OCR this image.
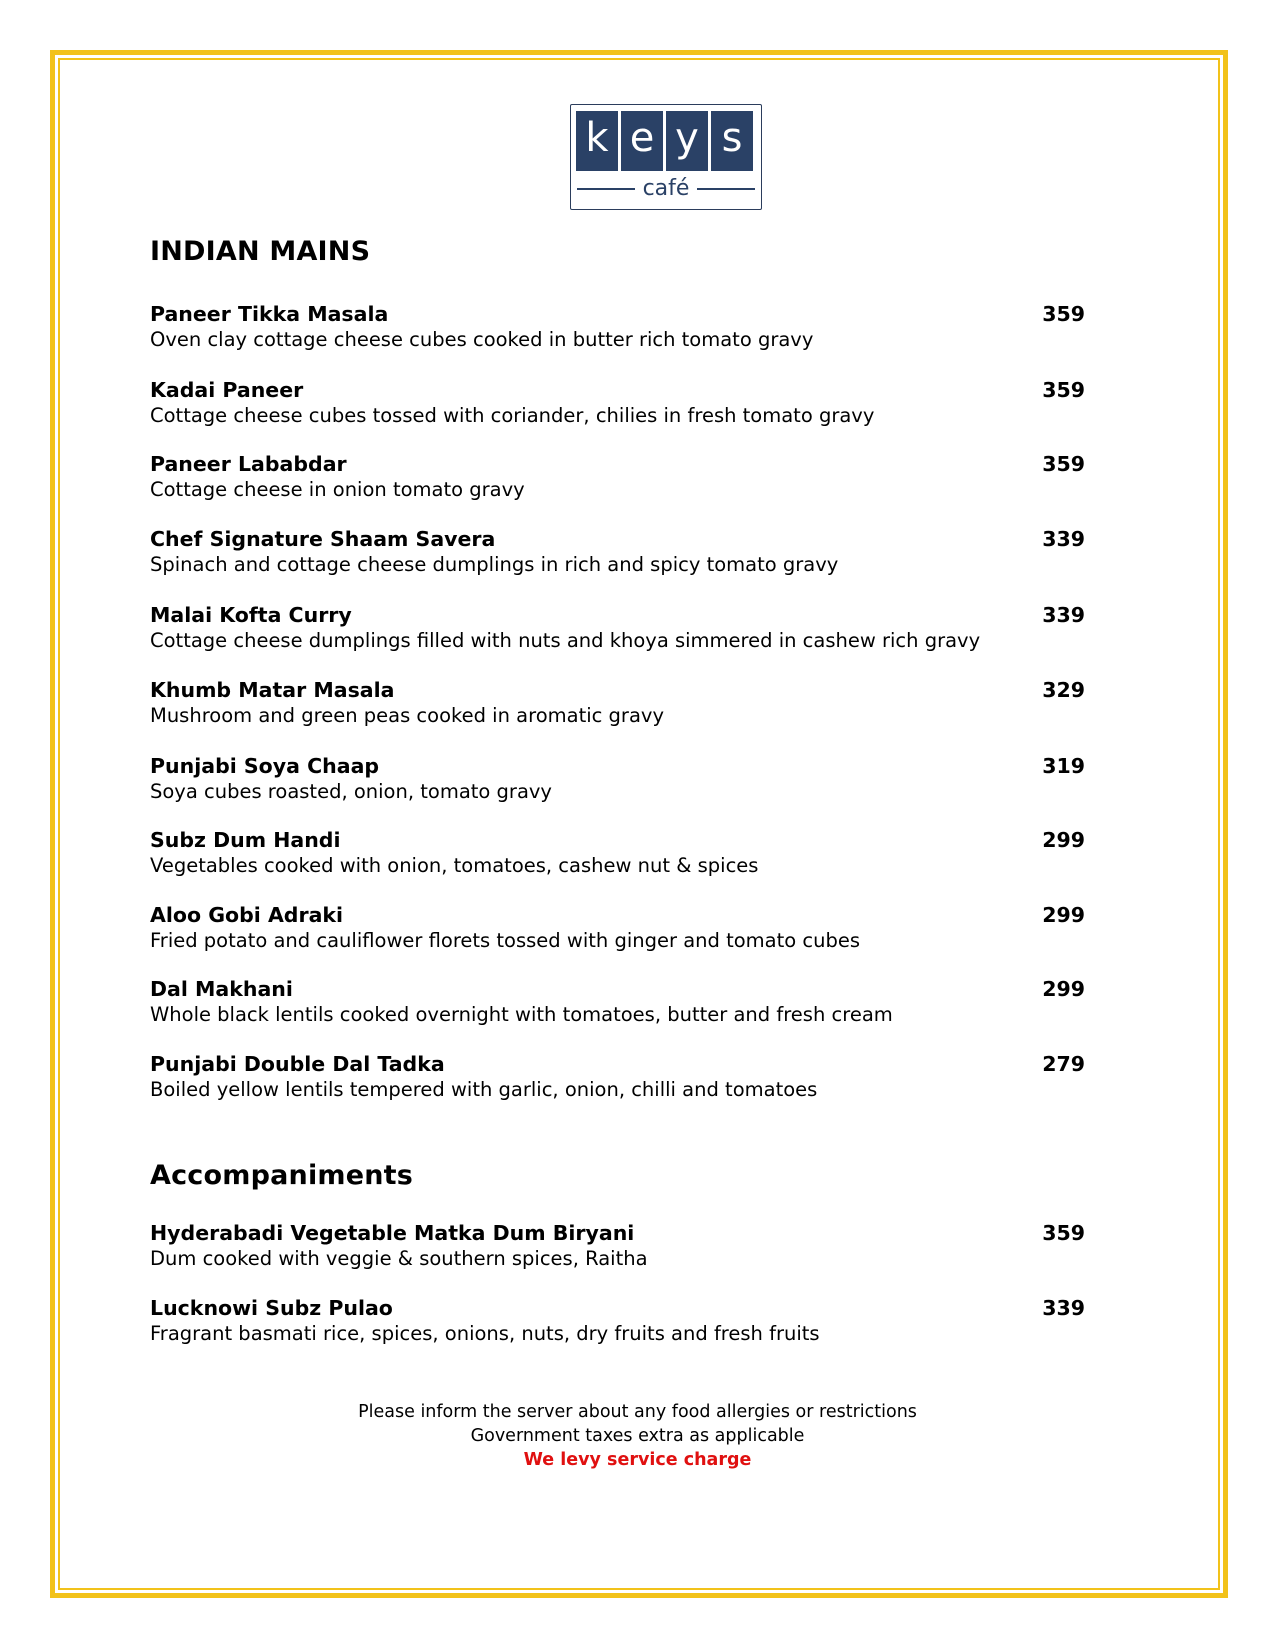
k e y s
café
INDIAN MAINS
Paneer Tikka Masala	359
Oven clay cottage cheese cubes cooked in butter rich tomato gravy
Kadai Paneer	359
Cottage cheese cubes tossed with coriander, chilies in fresh tomato gravy
Paneer Lababdar	359
Cottage cheese in onion tomato gravy
Chef Signature Shaam Savera	339
Spinach and cottage cheese dumplings in rich and spicy tomato gravy
Malai Kofta Curry	339
Cottage cheese dumplings filled with nuts and khoya simmered in cashew rich gravy
Khumb Matar Masala	329
Mushroom and green peas cooked in aromatic gravy
Punjabi Soya Chaap	319
Soya cubes roasted, onion, tomato gravy
Subz Dum Handi	299
Vegetables cooked with onion, tomatoes, cashew nut & spices
Aloo Gobi Adraki	299
Fried potato and cauliflower florets tossed with ginger and tomato cubes
Dal Makhani	299
Whole black lentils cooked overnight with tomatoes, butter and fresh cream
Punjabi Double Dal Tadka	279
Boiled yellow lentils tempered with garlic, onion, chilli and tomatoes
Accompaniments
Hyderabadi Vegetable Matka Dum Biryani	359
Dum cooked with veggie & southern spices, Raitha
Lucknowi Subz Pulao	339
Fragrant basmati rice, spices, onions, nuts, dry fruits and fresh fruits
Please inform the server about any food allergies or restrictions
Government taxes extra as applicable
We levy service charge
